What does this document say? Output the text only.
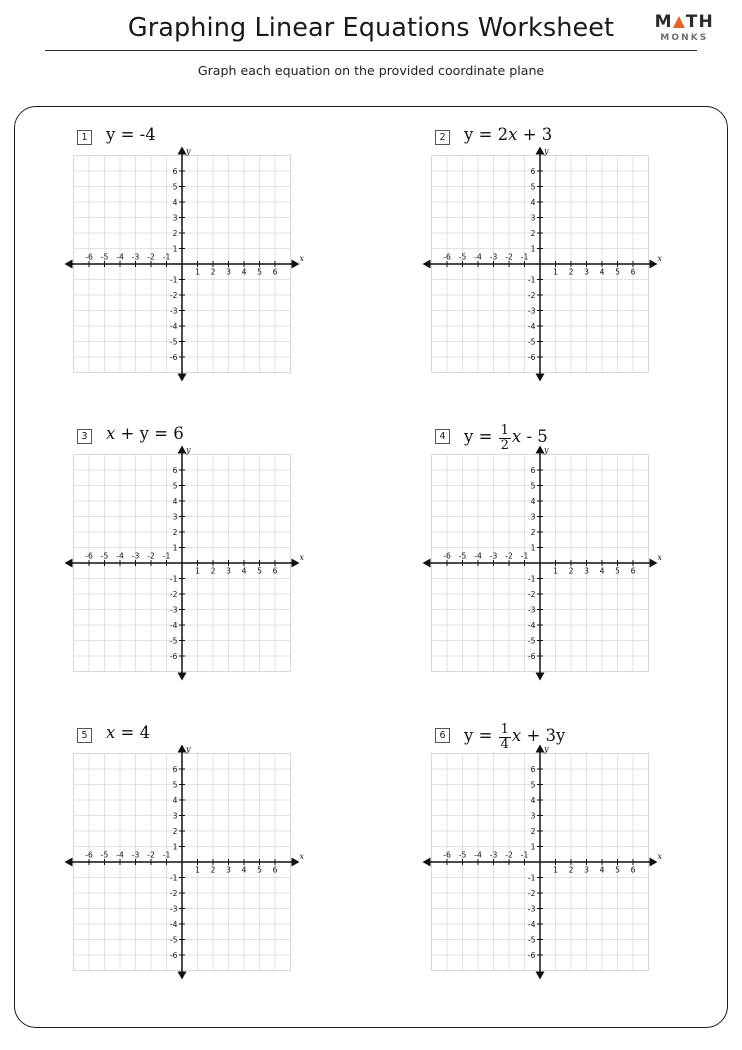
Graphing Linear Equations Worksheet
Graph each equation on the provided coordinate plane
M TH
MONKS
1 y = -4
-6 -5 -4 -3 -2 -1
1 2 3 4 5 6
6
5
4
3
2
1
-1
-2
-3
-4
-5
-6
x
y
2 y = 2x + 3
-6 -5 -4 -3 -2 -1
1 2 3 4 5 6
6
5
4
3
2
1
-1
-2
-3
-4
-5
-6
x
y
3 x + y = 6
-6 -5 -4 -3 -2 -1
1 2 3 4 5 6
6
5
4
3
2
1
-1
-2
-3
-4
-5
-6
x
y
4 $y = \frac{1}{2}$ x - 5
-6 -5 -4 -3 -2 -1
1 2 3 4 5 6
6
5
4
3
2
1
-1
-2
-3
-4
-5
-6
x
y
5 x = 4
-6 -5 -4 -3 -2 -1
1 2 3 4 5 6
6
5
4
3
2
1
-1
-2
-3
-4
-5
-6
x
y
6 $y = \frac{1}{4}$ x + 3y
-6 -5 -4 -3 -2 -1
1 2 3 4 5 6
6
5
4
3
2
1
-1
-2
-3
-4
-5
-6
x
y
